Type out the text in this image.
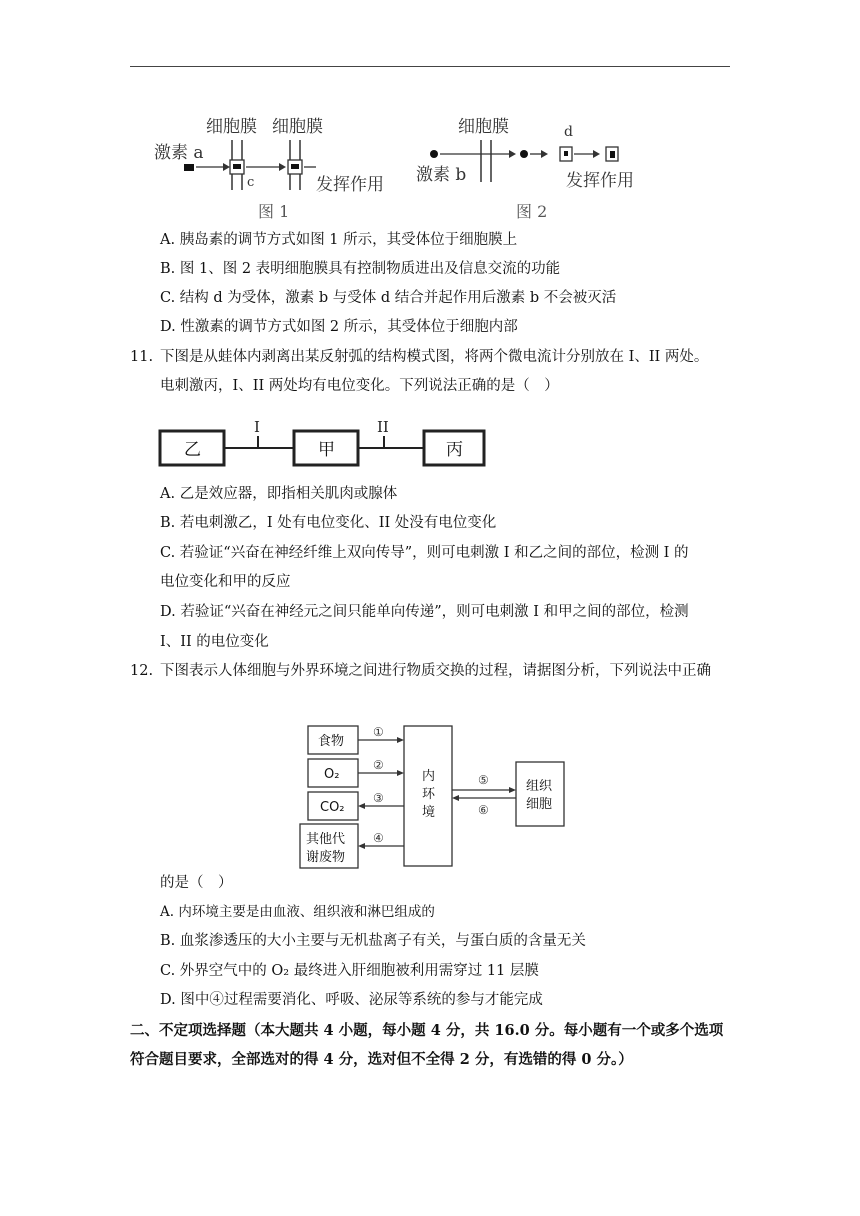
细胞膜 细胞膜
激素 a
c	发挥作用
图 1
细胞膜	d
激素 b	发挥作用
图 2
A. 胰岛素的调节方式如图 1 所示，其受体位于细胞膜上
B. 图 1、图 2 表明细胞膜具有控制物质进出及信息交流的功能
C. 结构 d 为受体，激素 b 与受体 d 结合并起作用后激素 b 不会被灭活
D. 性激素的调节方式如图 2 所示，其受体位于细胞内部
11. 下图是从蛙体内剥离出某反射弧的结构模式图，将两个微电流计分别放在 I、II 两处。
电刺激丙，I、II 两处均有电位变化。下列说法正确的是（　）
I	II
乙	甲	丙
A. 乙是效应器，即指相关肌肉或腺体
B. 若电刺激乙，I 处有电位变化、II 处没有电位变化
C. 若验证“兴奋在神经纤维上双向传导”，则可电刺激 I 和乙之间的部位，检测 I 的
电位变化和甲的反应
D. 若验证“兴奋在神经元之间只能单向传递”，则可电刺激 I 和甲之间的部位，检测
I、II 的电位变化
12. 下图表示人体细胞与外界环境之间进行物质交换的过程，请据图分析，下列说法中正确
食物
O₂
CO₂
其他代
谢废物
内
环
境
组织
细胞
①
②
③
④
⑤
⑥
的是（　）
A. 内环境主要是由血液、组织液和淋巴组成的
B. 血浆渗透压的大小主要与无机盐离子有关，与蛋白质的含量无关
C. 外界空气中的 O₂ 最终进入肝细胞被利用需穿过 11 层膜
D. 图中④过程需要消化、呼吸、泌尿等系统的参与才能完成
二、不定项选择题（本大题共 4 小题，每小题 4 分，共 16.0 分。每小题有一个或多个选项
符合题目要求，全部选对的得 4 分，选对但不全得 2 分，有选错的得 0 分。）
